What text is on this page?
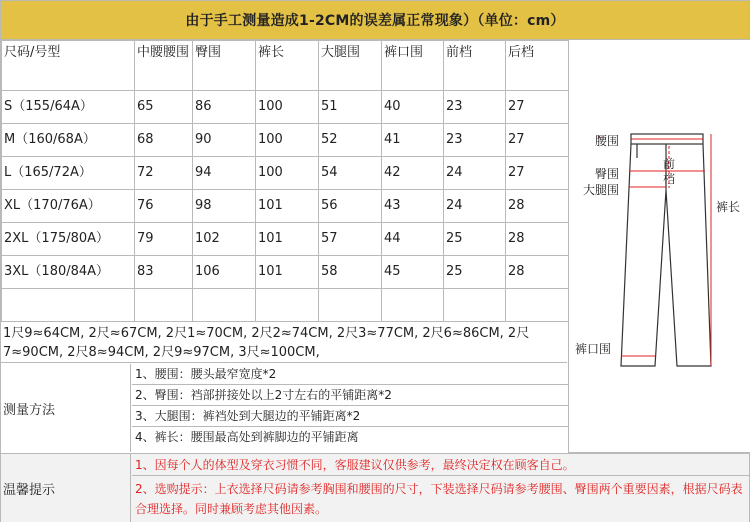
由于手工测量造成1-2CM的误差属正常现象）（单位：cm）
尺码/号型	中腰腰围	臀围	裤长	大腿围	裤口围	前档	后档
S（155/64A）	65	86	100	51	40	23	27
M（160/68A）	68	90	100	52	41	23	27
L（165/72A）	72	94	100	54	42	24	27
XL（170/76A）	76	98	101	56	43	24	28
2XL（175/80A）	79	102	101	57	44	25	28
3XL（180/84A）	83	106	101	58	45	25	28

腰围
臀围
大腿围
前
档
裤长
裤口围
1尺9≈64CM, 2尺≈67CM, 2尺1≈70CM, 2尺2≈74CM, 2尺3≈77CM, 2尺6≈86CM, 2尺7≈90CM, 2尺8≈94CM, 2尺9≈97CM, 3尺≈100CM,
测量方法
1、腰围：腰头最窄宽度*2
2、臀围：裆部拼接处以上2寸左右的平铺距离*2
3、大腿围：裤裆处到大腿边的平铺距离*2
4、裤长：腰围最高处到裤脚边的平铺距离
温馨提示
1、因每个人的体型及穿衣习惯不同，客服建议仅供参考，最终决定权在顾客自己。
2、选购提示：上衣选择尺码请参考胸围和腰围的尺寸，下装选择尺码请参考腰围、臀围两个重要因素，根据尺码表合理选择。同时兼顾考虑其他因素。
